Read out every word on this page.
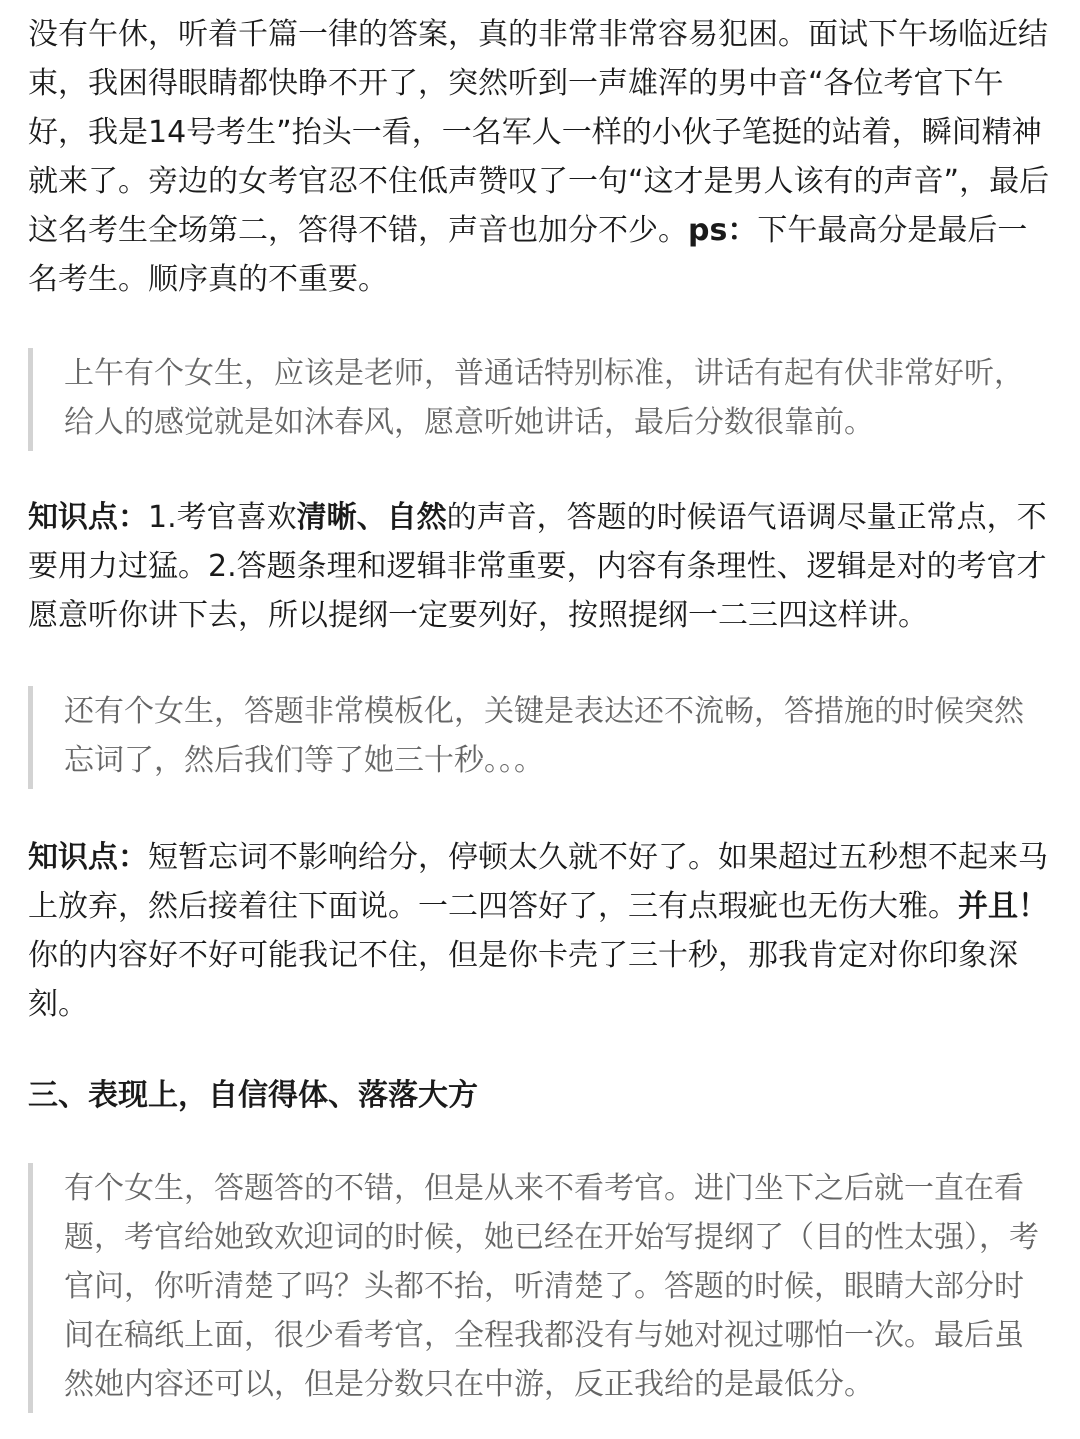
没有午休，听着千篇一律的答案，真的非常非常容易犯困。面试下午场临近结束，我困得眼睛都快睁不开了，突然听到一声雄浑的男中音“各位考官下午好，我是14号考生”抬头一看，一名军人一样的小伙子笔挺的站着，瞬间精神就来了。旁边的女考官忍不住低声赞叹了一句“这才是男人该有的声音”，最后这名考生全场第二，答得不错，声音也加分不少。ps：下午最高分是最后一名考生。顺序真的不重要。

上午有个女生，应该是老师，普通话特别标准，讲话有起有伏非常好听，给人的感觉就是如沐春风，愿意听她讲话，最后分数很靠前。

知识点：1.考官喜欢清晰、自然的声音，答题的时候语气语调尽量正常点，不要用力过猛。2.答题条理和逻辑非常重要，内容有条理性、逻辑是对的考官才愿意听你讲下去，所以提纲一定要列好，按照提纲一二三四这样讲。

还有个女生，答题非常模板化，关键是表达还不流畅，答措施的时候突然忘词了，然后我们等了她三十秒。。。

知识点：短暂忘词不影响给分，停顿太久就不好了。如果超过五秒想不起来马上放弃，然后接着往下面说。一二四答好了，三有点瑕疵也无伤大雅。并且！你的内容好不好可能我记不住，但是你卡壳了三十秒，那我肯定对你印象深刻。

三、表现上，自信得体、落落大方
有个女生，答题答的不错，但是从来不看考官。进门坐下之后就一直在看题，考官给她致欢迎词的时候，她已经在开始写提纲了（目的性太强），考官问，你听清楚了吗？头都不抬，听清楚了。答题的时候，眼睛大部分时间在稿纸上面，很少看考官，全程我都没有与她对视过哪怕一次。最后虽然她内容还可以，但是分数只在中游，反正我给的是最低分。
